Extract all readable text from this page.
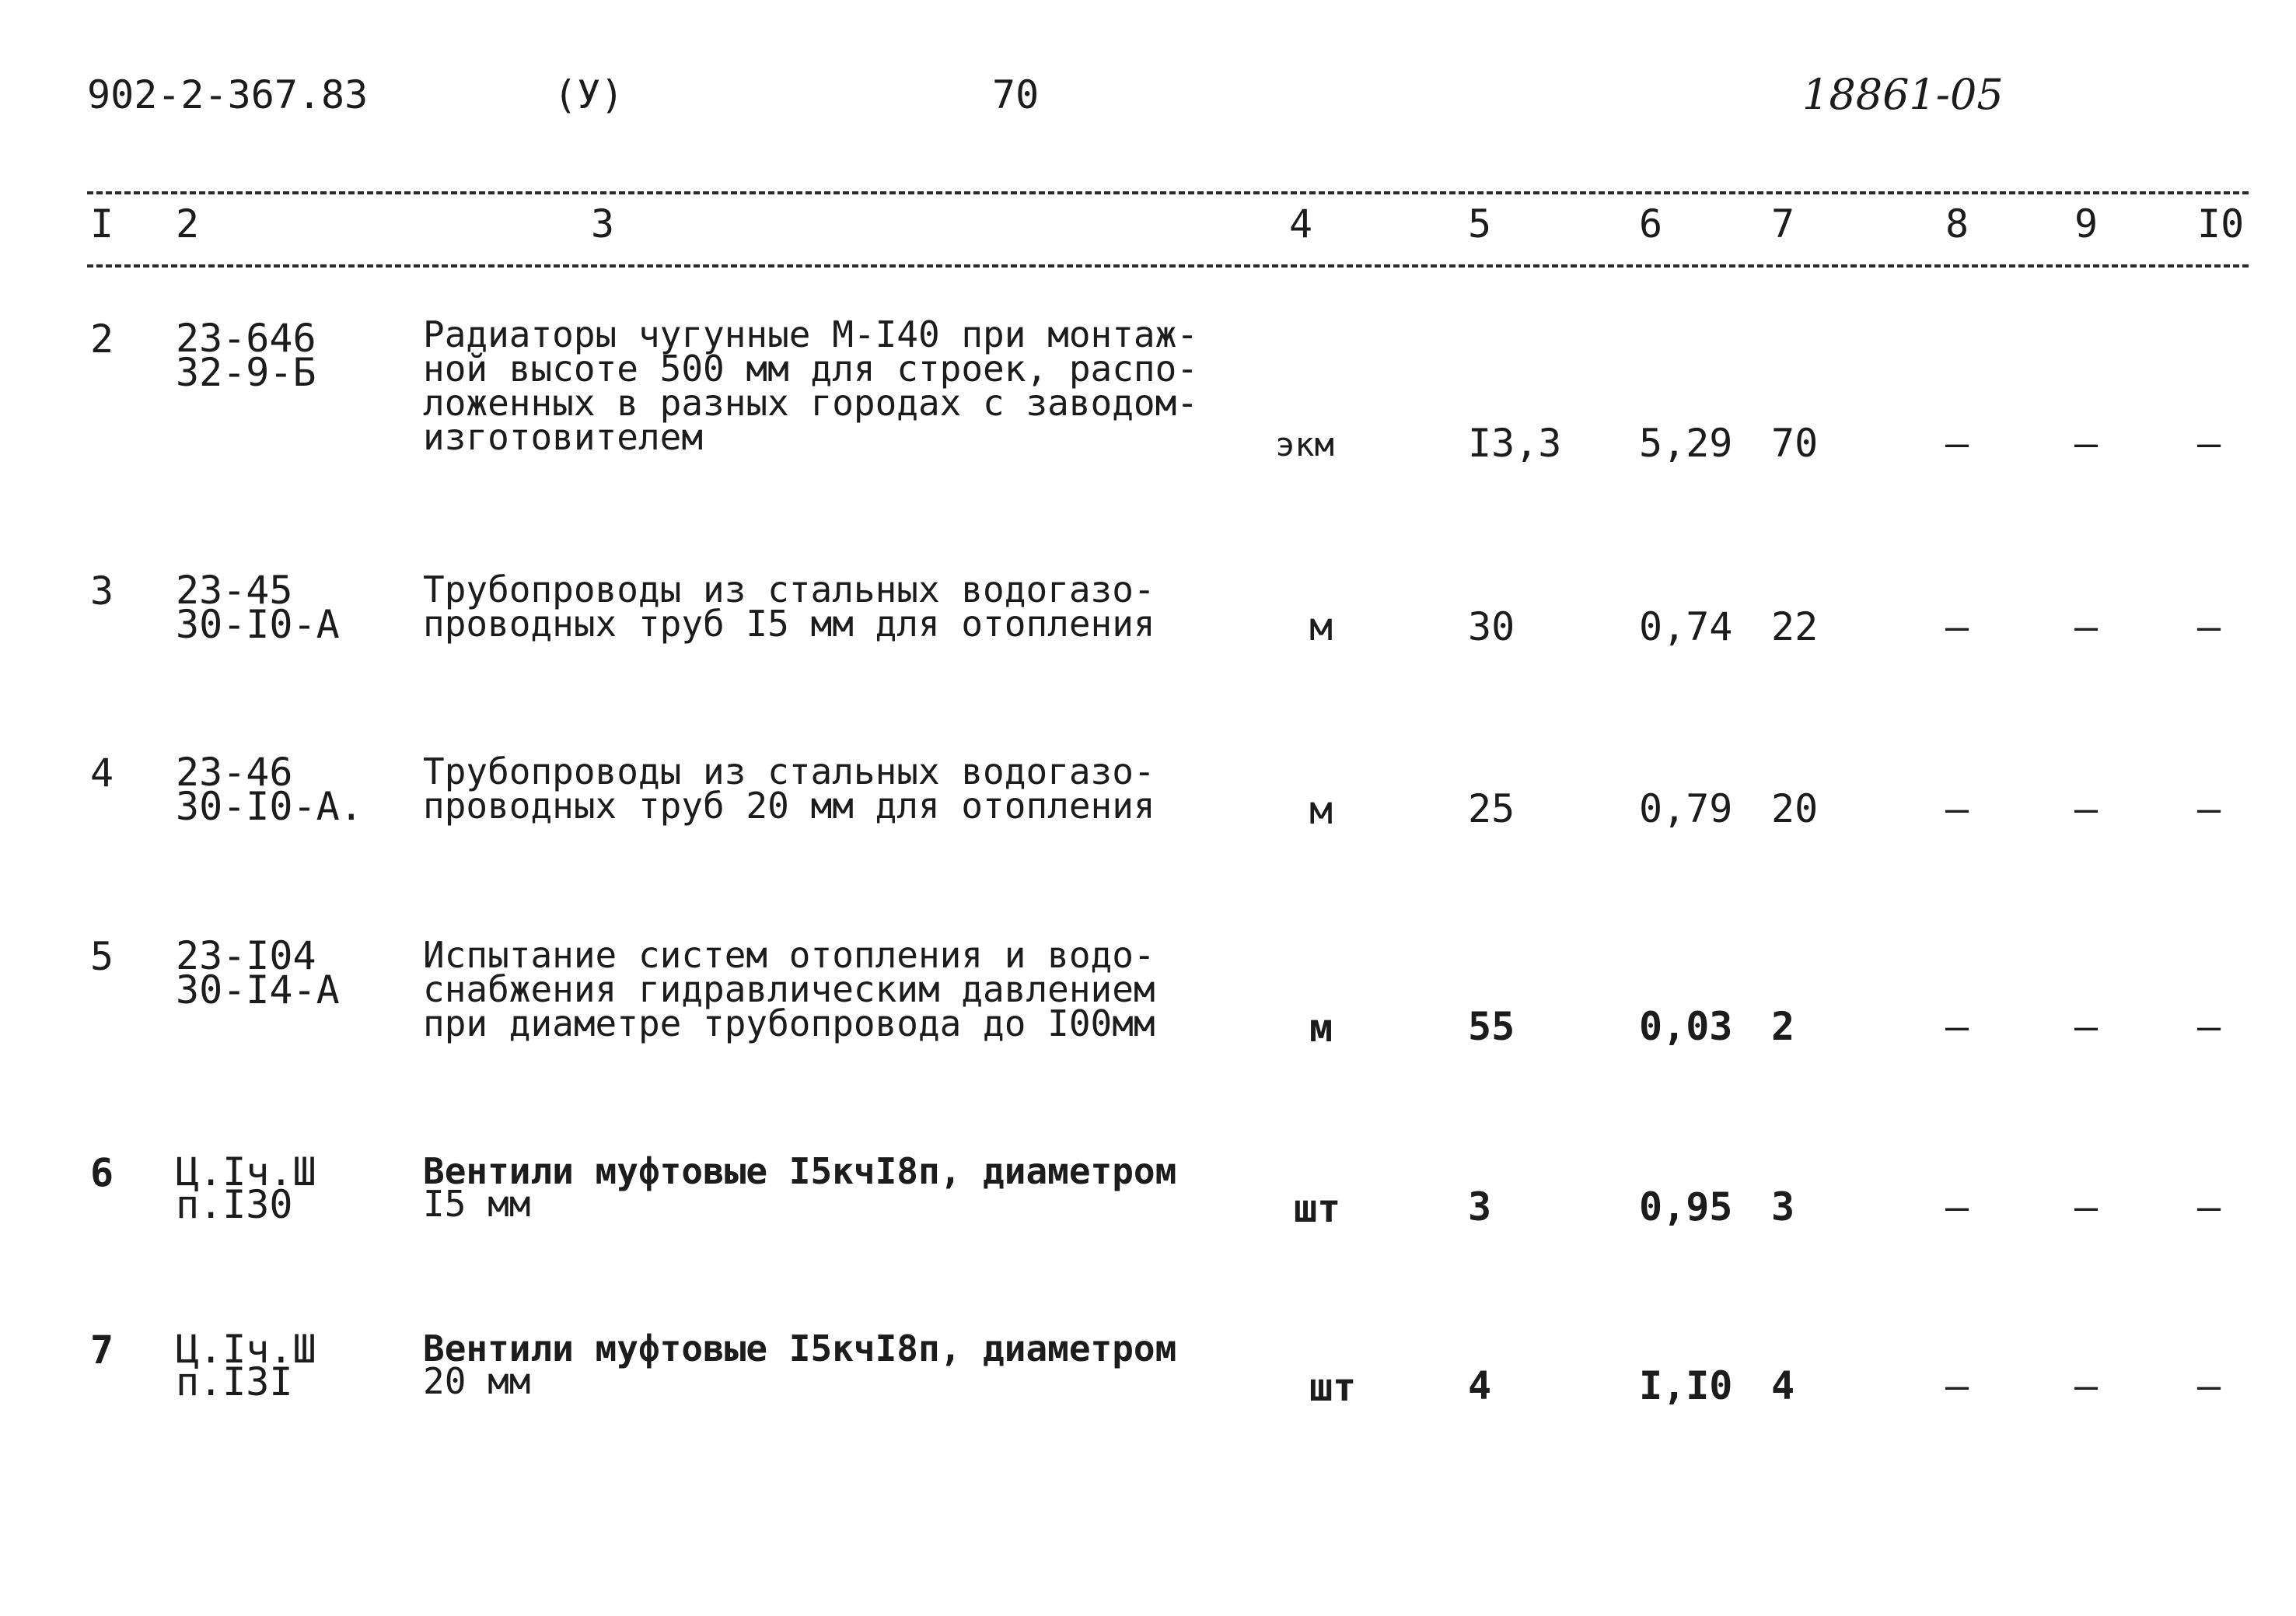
902-2-367.83	(У)	70	18861-05
I 2	3	4	5	6	7	8	9	I0
2 23-646
32-9-Б
Радиаторы чугунные М-I40 при монтаж-
ной высоте 500 мм для строек, распо-
ложенных в разных городах с заводом-
изготовителем	экм	I3,3 5,29 70	–	–	–
3 23-45
30-I0-А
Трубопроводы из стальных водогазо-
проводных труб I5 мм для отопления	м	30	0,74 22	–	–	–
4 23-46
30-I0-А.
Трубопроводы из стальных водогазо-
проводных труб 20 мм для отопления	м	25	0,79 20	–	–	–
5 23-I04
30-I4-А
Испытание систем отопления и водо-
снабжения гидравлическим давлением
при диаметре трубопровода до I00мм	м	55	0,03 2	–	–	–
6 Ц.Iч.Ш
п.I30
Вентили муфтовые I5кчI8п, диаметром
I5 мм	шт	3	0,95 3	–	–	–
7 Ц.Iч.Ш
п.I3I
Вентили муфтовые I5кчI8п, диаметром
20 мм	шт	4	I,I0 4	–	–	–
